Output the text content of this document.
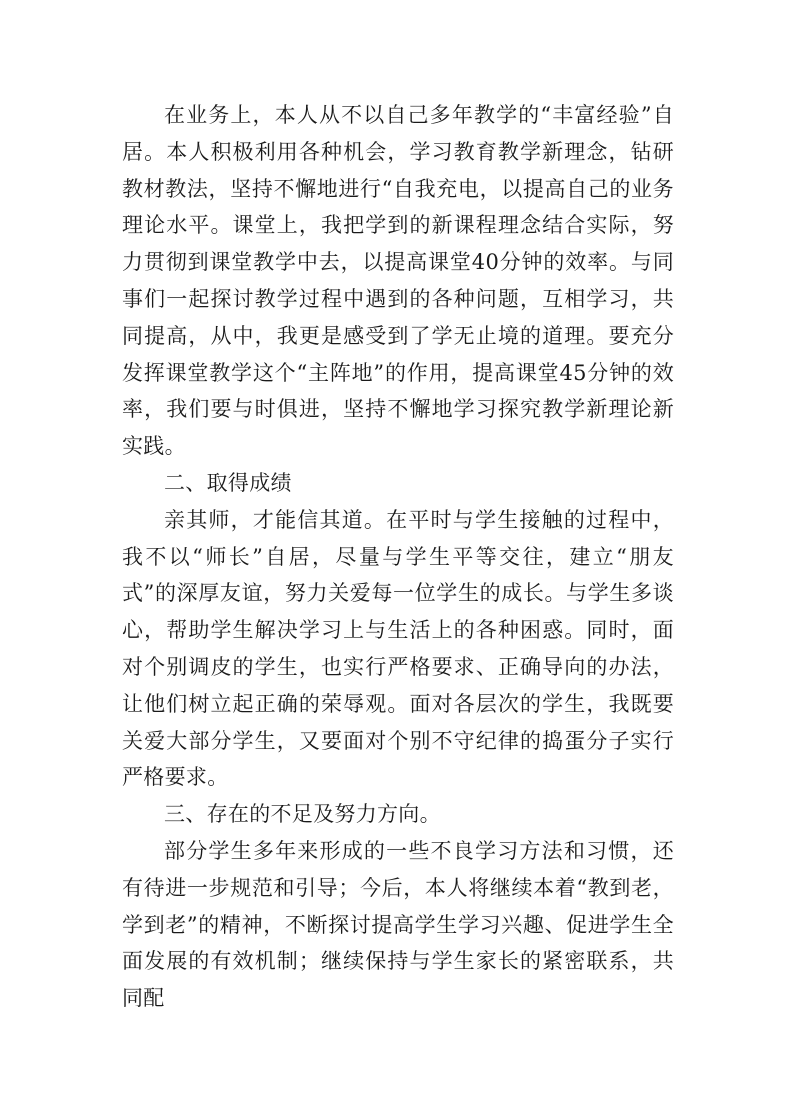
在业务上，本人从不以自己多年教学的“丰富经验”自居。本人积极利用各种机会，学习教育教学新理念，钻研教材教法，坚持不懈地进行“自我充电，以提高自己的业务理论水平。课堂上，我把学到的新课程理念结合实际，努力贯彻到课堂教学中去，以提高课堂40分钟的效率。与同事们一起探讨教学过程中遇到的各种问题，互相学习，共同提高，从中，我更是感受到了学无止境的道理。要充分发挥课堂教学这个“主阵地”的作用，提高课堂45分钟的效率，我们要与时俱进，坚持不懈地学习探究教学新理论新实践。

二、取得成绩

亲其师，才能信其道。在平时与学生接触的过程中，我不以“师长”自居，尽量与学生平等交往，建立“朋友式”的深厚友谊，努力关爱每一位学生的成长。与学生多谈心，帮助学生解决学习上与生活上的各种困惑。同时，面对个别调皮的学生，也实行严格要求、正确导向的办法，让他们树立起正确的荣辱观。面对各层次的学生，我既要关爱大部分学生，又要面对个别不守纪律的捣蛋分子实行严格要求。

三、存在的不足及努力方向。

部分学生多年来形成的一些不良学习方法和习惯，还有待进一步规范和引导；今后，本人将继续本着“教到老，学到老”的精神，不断探讨提高学生学习兴趣、促进学生全面发展的有效机制；继续保持与学生家长的紧密联系，共同配
